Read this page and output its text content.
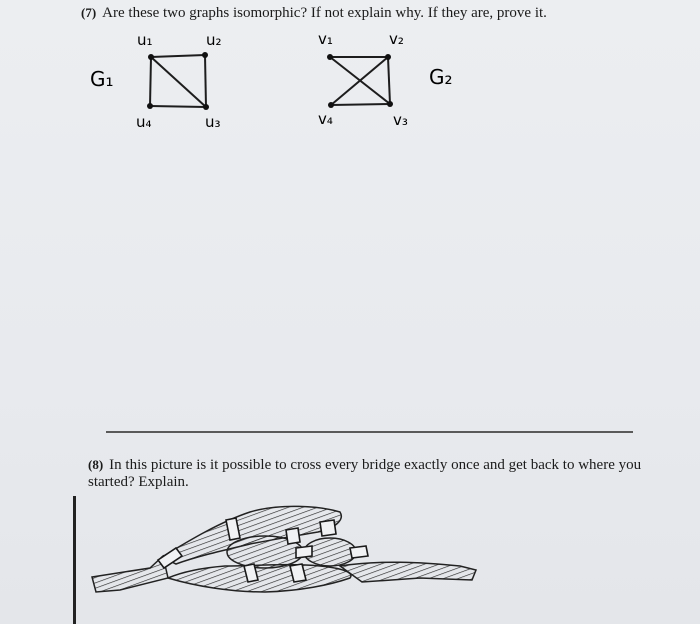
(7) Are these two graphs isomorphic? If not explain why. If they are, prove it.
u₁	u₂
u₃
u₄
G₁
v₁	v₂
v₃
v₄
G₂
(8) In this picture is it possible to cross every bridge exactly once and get back to where you started? Explain.
